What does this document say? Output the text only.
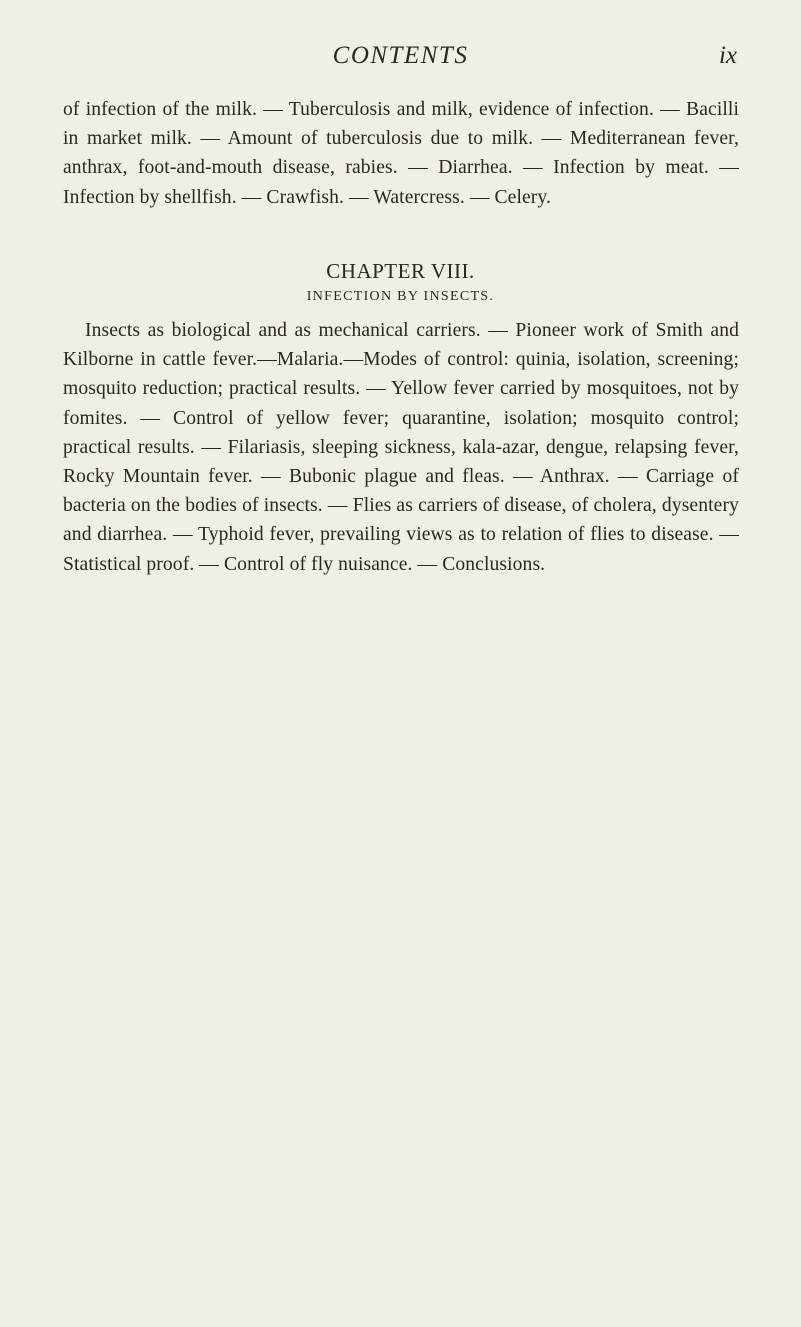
CONTENTS	ix

of infection of the milk. — Tuberculosis and milk, evidence of infection. — Bacilli in market milk. — Amount of tuberculosis due to milk. — Mediterranean fever, anthrax, foot-and-mouth disease, rabies. — Diarrhea. — Infection by meat. — Infection by shellfish. — Crawfish. — Watercress. — Celery.

CHAPTER VIII.
INFECTION BY INSECTS.

Insects as biological and as mechanical carriers. — Pioneer work of Smith and Kilborne in cattle fever.—Malaria.—Modes of control: quinia, isolation, screening; mosquito reduction; practical results. — Yellow fever carried by mosquitoes, not by fomites. — Control of yellow fever; quarantine, isolation; mosquito control; practical results. — Filariasis, sleeping sickness, kala-azar, dengue, relapsing fever, Rocky Mountain fever. — Bubonic plague and fleas. — Anthrax. — Carriage of bacteria on the bodies of insects. — Flies as carriers of disease, of cholera, dysentery and diarrhea. — Typhoid fever, prevailing views as to relation of flies to disease. — Statistical proof. — Control of fly nuisance. — Conclusions.
